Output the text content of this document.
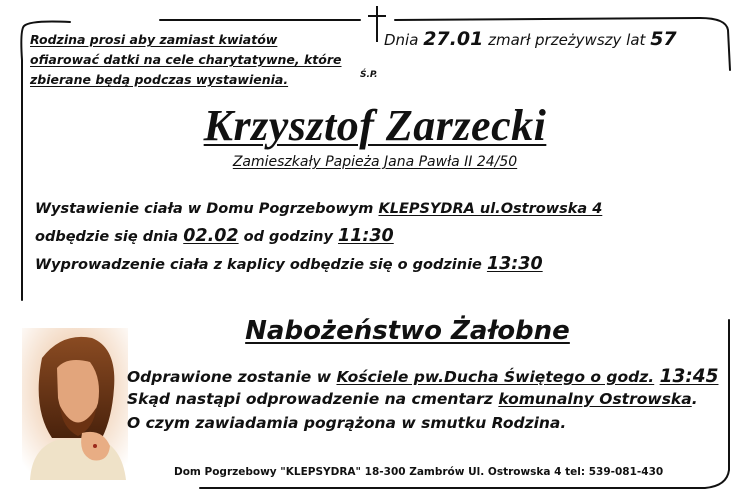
Rodzina prosi aby zamiast kwiatów
ofiarować datki na cele charytatywne, które
zbierane będą podczas wystawienia.
Dnia 27.01 zmarł przeżywszy lat 57
Ś.P.
Krzysztof Zarzecki
Zamieszkały Papieża Jana Pawła II 24/50
Wystawienie ciała w Domu Pogrzebowym KLEPSYDRA ul.Ostrowska 4
odbędzie się dnia 02.02 od godziny 11:30
Wyprowadzenie ciała z kaplicy odbędzie się o godzinie 13:30
Nabożeństwo Żałobne
Odprawione zostanie w Kościele pw.Ducha Świętego o godz. 13:45
Skąd nastąpi odprowadzenie na cmentarz komunalny Ostrowska.
O czym zawiadamia pogrążona w smutku Rodzina.
Dom Pogrzebowy "KLEPSYDRA" 18-300 Zambrów Ul. Ostrowska 4 tel: 539-081-430
